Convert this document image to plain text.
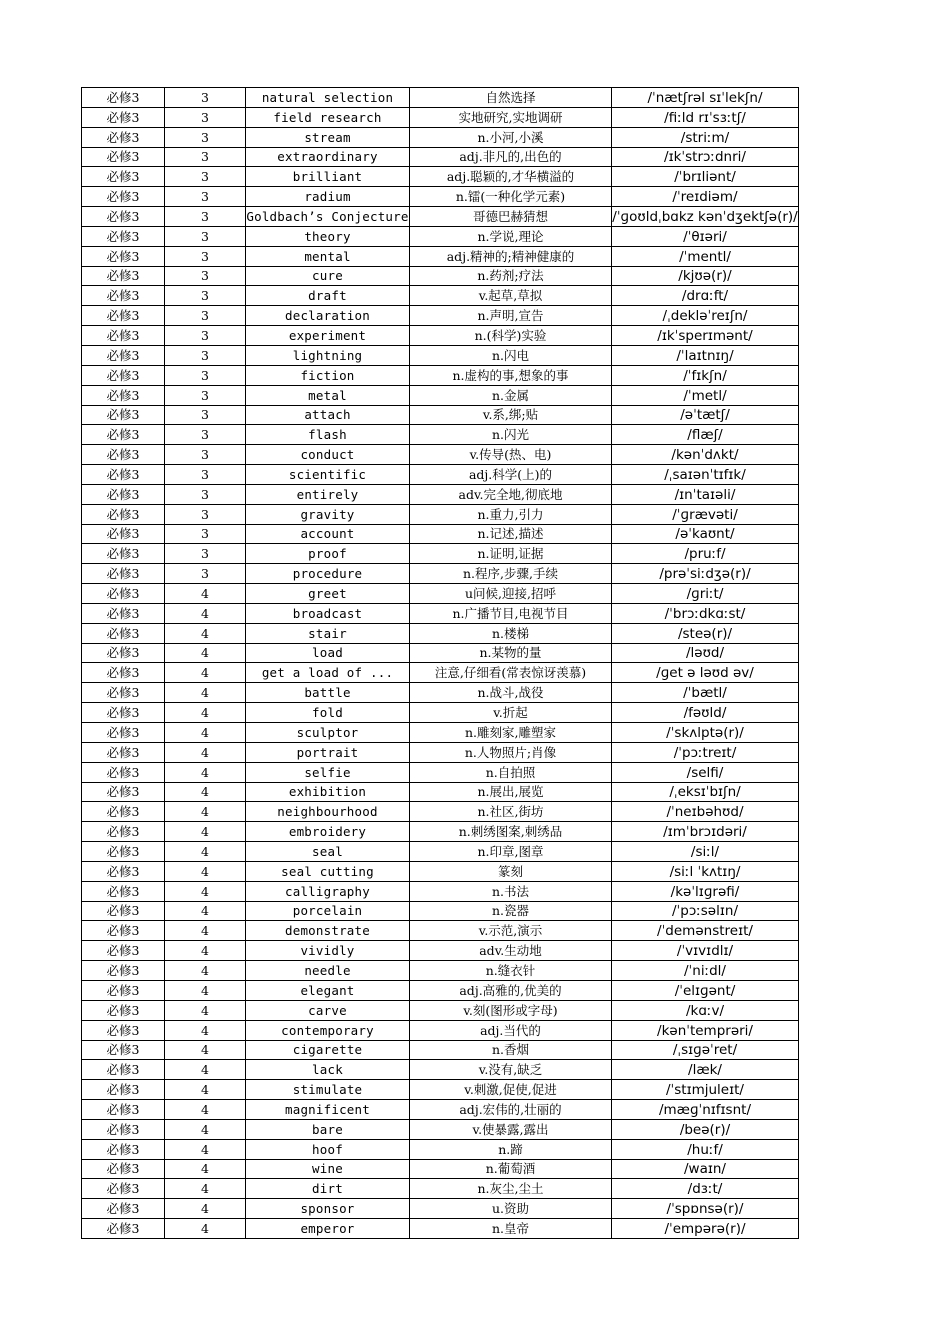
必修3	3	natural selection	自然选择	/ˈnætʃrəl sɪˈlekʃn/
必修3	3	field research	实地研究,实地调研	/fiːld rɪˈsɜːtʃ/
必修3	3	stream	n.小河,小溪	/striːm/
必修3	3	extraordinary	adj.非凡的,出色的	/ɪkˈstrɔːdnri/
必修3	3	brilliant	adj.聪颖的,才华横溢的	/ˈbrɪliənt/
必修3	3	radium	n.镭(一种化学元素)	/ˈreɪdiəm/
必修3	3	Goldbach’s Conjecture	哥德巴赫猜想	/ˈɡoʊldˌbɑkz kənˈdʒektʃə(r)/
必修3	3	theory	n.学说,理论	/ˈθɪəri/
必修3	3	mental	adj.精神的;精神健康的	/ˈmentl/
必修3	3	cure	n.药剂;疗法	/kjʊə(r)/
必修3	3	draft	v.起草,草拟	/drɑːft/
必修3	3	declaration	n.声明,宣告	/ˌdekləˈreɪʃn/
必修3	3	experiment	n.(科学)实验	/ɪkˈsperɪmənt/
必修3	3	lightning	n.闪电	/ˈlaɪtnɪŋ/
必修3	3	fiction	n.虚构的事,想象的事	/ˈfɪkʃn/
必修3	3	metal	n.金属	/ˈmetl/
必修3	3	attach	v.系,绑;贴	/əˈtætʃ/
必修3	3	flash	n.闪光	/flæʃ/
必修3	3	conduct	v.传导(热、电)	/kənˈdʌkt/
必修3	3	scientific	adj.科学(上)的	/ˌsaɪənˈtɪfɪk/
必修3	3	entirely	adv.完全地,彻底地	/ɪnˈtaɪəli/
必修3	3	gravity	n.重力,引力	/ˈɡrævəti/
必修3	3	account	n.记述,描述	/əˈkaʊnt/
必修3	3	proof	n.证明,证据	/pruːf/
必修3	3	procedure	n.程序,步骤,手续	/prəˈsiːdʒə(r)/
必修3	4	greet	u问候,迎接,招呼	/ɡriːt/
必修3	4	broadcast	n.广播节目,电视节目	/ˈbrɔːdkɑːst/
必修3	4	stair	n.楼梯	/steə(r)/
必修3	4	load	n.某物的量	/ləʊd/
必修3	4	get a load of ...	注意,仔细看(常表惊讶羡慕)	/ɡet ə ləʊd əv/
必修3	4	battle	n.战斗,战役	/ˈbætl/
必修3	4	fold	v.折起	/fəʊld/
必修3	4	sculptor	n.雕刻家,雕塑家	/ˈskʌlptə(r)/
必修3	4	portrait	n.人物照片;肖像	/ˈpɔːtreɪt/
必修3	4	selfie	n.自拍照	/selfi/
必修3	4	exhibition	n.展出,展览	/ˌeksɪˈbɪʃn/
必修3	4	neighbourhood	n.社区,街坊	/ˈneɪbəhʊd/
必修3	4	embroidery	n.刺绣图案,刺绣品	/ɪmˈbrɔɪdəri/
必修3	4	seal	n.印章,图章	/siːl/
必修3	4	seal cutting	篆刻	/siːl ˈkʌtɪŋ/
必修3	4	calligraphy	n.书法	/kəˈlɪɡrəfi/
必修3	4	porcelain	n.瓷器	/ˈpɔːsəlɪn/
必修3	4	demonstrate	v.示范,演示	/ˈdemənstreɪt/
必修3	4	vividly	adv.生动地	/ˈvɪvɪdlɪ/
必修3	4	needle	n.缝衣针	/ˈniːdl/
必修3	4	elegant	adj.高雅的,优美的	/ˈelɪɡənt/
必修3	4	carve	v.刻(图形或字母)	/kɑːv/
必修3	4	contemporary	adj.当代的	/kənˈtemprəri/
必修3	4	cigarette	n.香烟	/ˌsɪɡəˈret/
必修3	4	lack	v.没有,缺乏	/læk/
必修3	4	stimulate	v.刺激,促使,促进	/ˈstɪmjuleɪt/
必修3	4	magnificent	adj.宏伟的,壮丽的	/mæɡˈnɪfɪsnt/
必修3	4	bare	v.使暴露,露出	/beə(r)/
必修3	4	hoof	n.蹄	/huːf/
必修3	4	wine	n.葡萄酒	/waɪn/
必修3	4	dirt	n.灰尘,尘土	/dɜːt/
必修3	4	sponsor	u.资助	/ˈspɒnsə(r)/
必修3	4	emperor	n.皇帝	/ˈempərə(r)/
